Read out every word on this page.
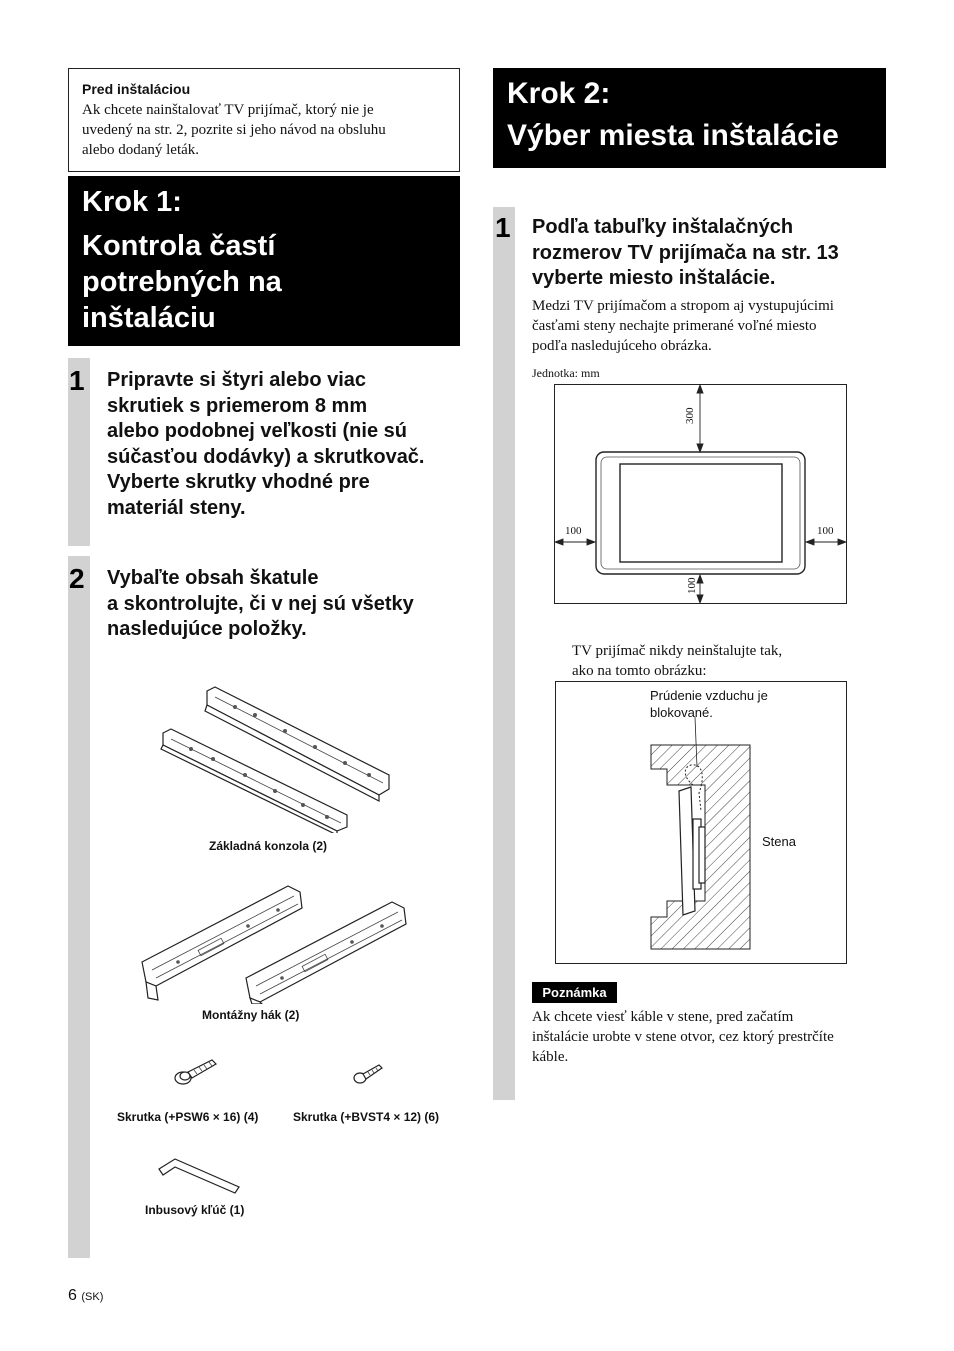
Pred inštaláciou
Ak chcete nainštalovať TV prijímač, ktorý nie je
uvedený na str. 2, pozrite si jeho návod na obsluhu
alebo dodaný leták.
Krok 1:
Kontrola častí
potrebných na
inštaláciu
Krok 2:
Výber miesta inštalácie
1
2
1
Pripravte si štyri alebo viac
skrutiek s priemerom 8 mm
alebo podobnej veľkosti (nie sú
súčasťou dodávky) a skrutkovač.
Vyberte skrutky vhodné pre
materiál steny.
Vybaľte obsah škatule
a skontrolujte, či v nej sú všetky
nasledujúce položky.
Základná konzola (2)
Montážny hák (2)
Skrutka (+PSW6 × 16) (4)	Skrutka (+BVST4 × 12) (6)
Inbusový kľúč (1)
Podľa tabuľky inštalačných
rozmerov TV prijímača na str. 13
vyberte miesto inštalácie.
Medzi TV prijímačom a stropom aj vystupujúcimi
časťami steny nechajte primerané voľné miesto
podľa nasledujúceho obrázka.
Jednotka: mm
300
100	100
100
TV prijímač nikdy neinštalujte tak,
ako na tomto obrázku:
Prúdenie vzduchu je
blokované.
Stena
Poznámka
Ak chcete viesť káble v stene, pred začatím
inštalácie urobte v stene otvor, cez ktorý prestrčíte
káble.
6 (SK)
